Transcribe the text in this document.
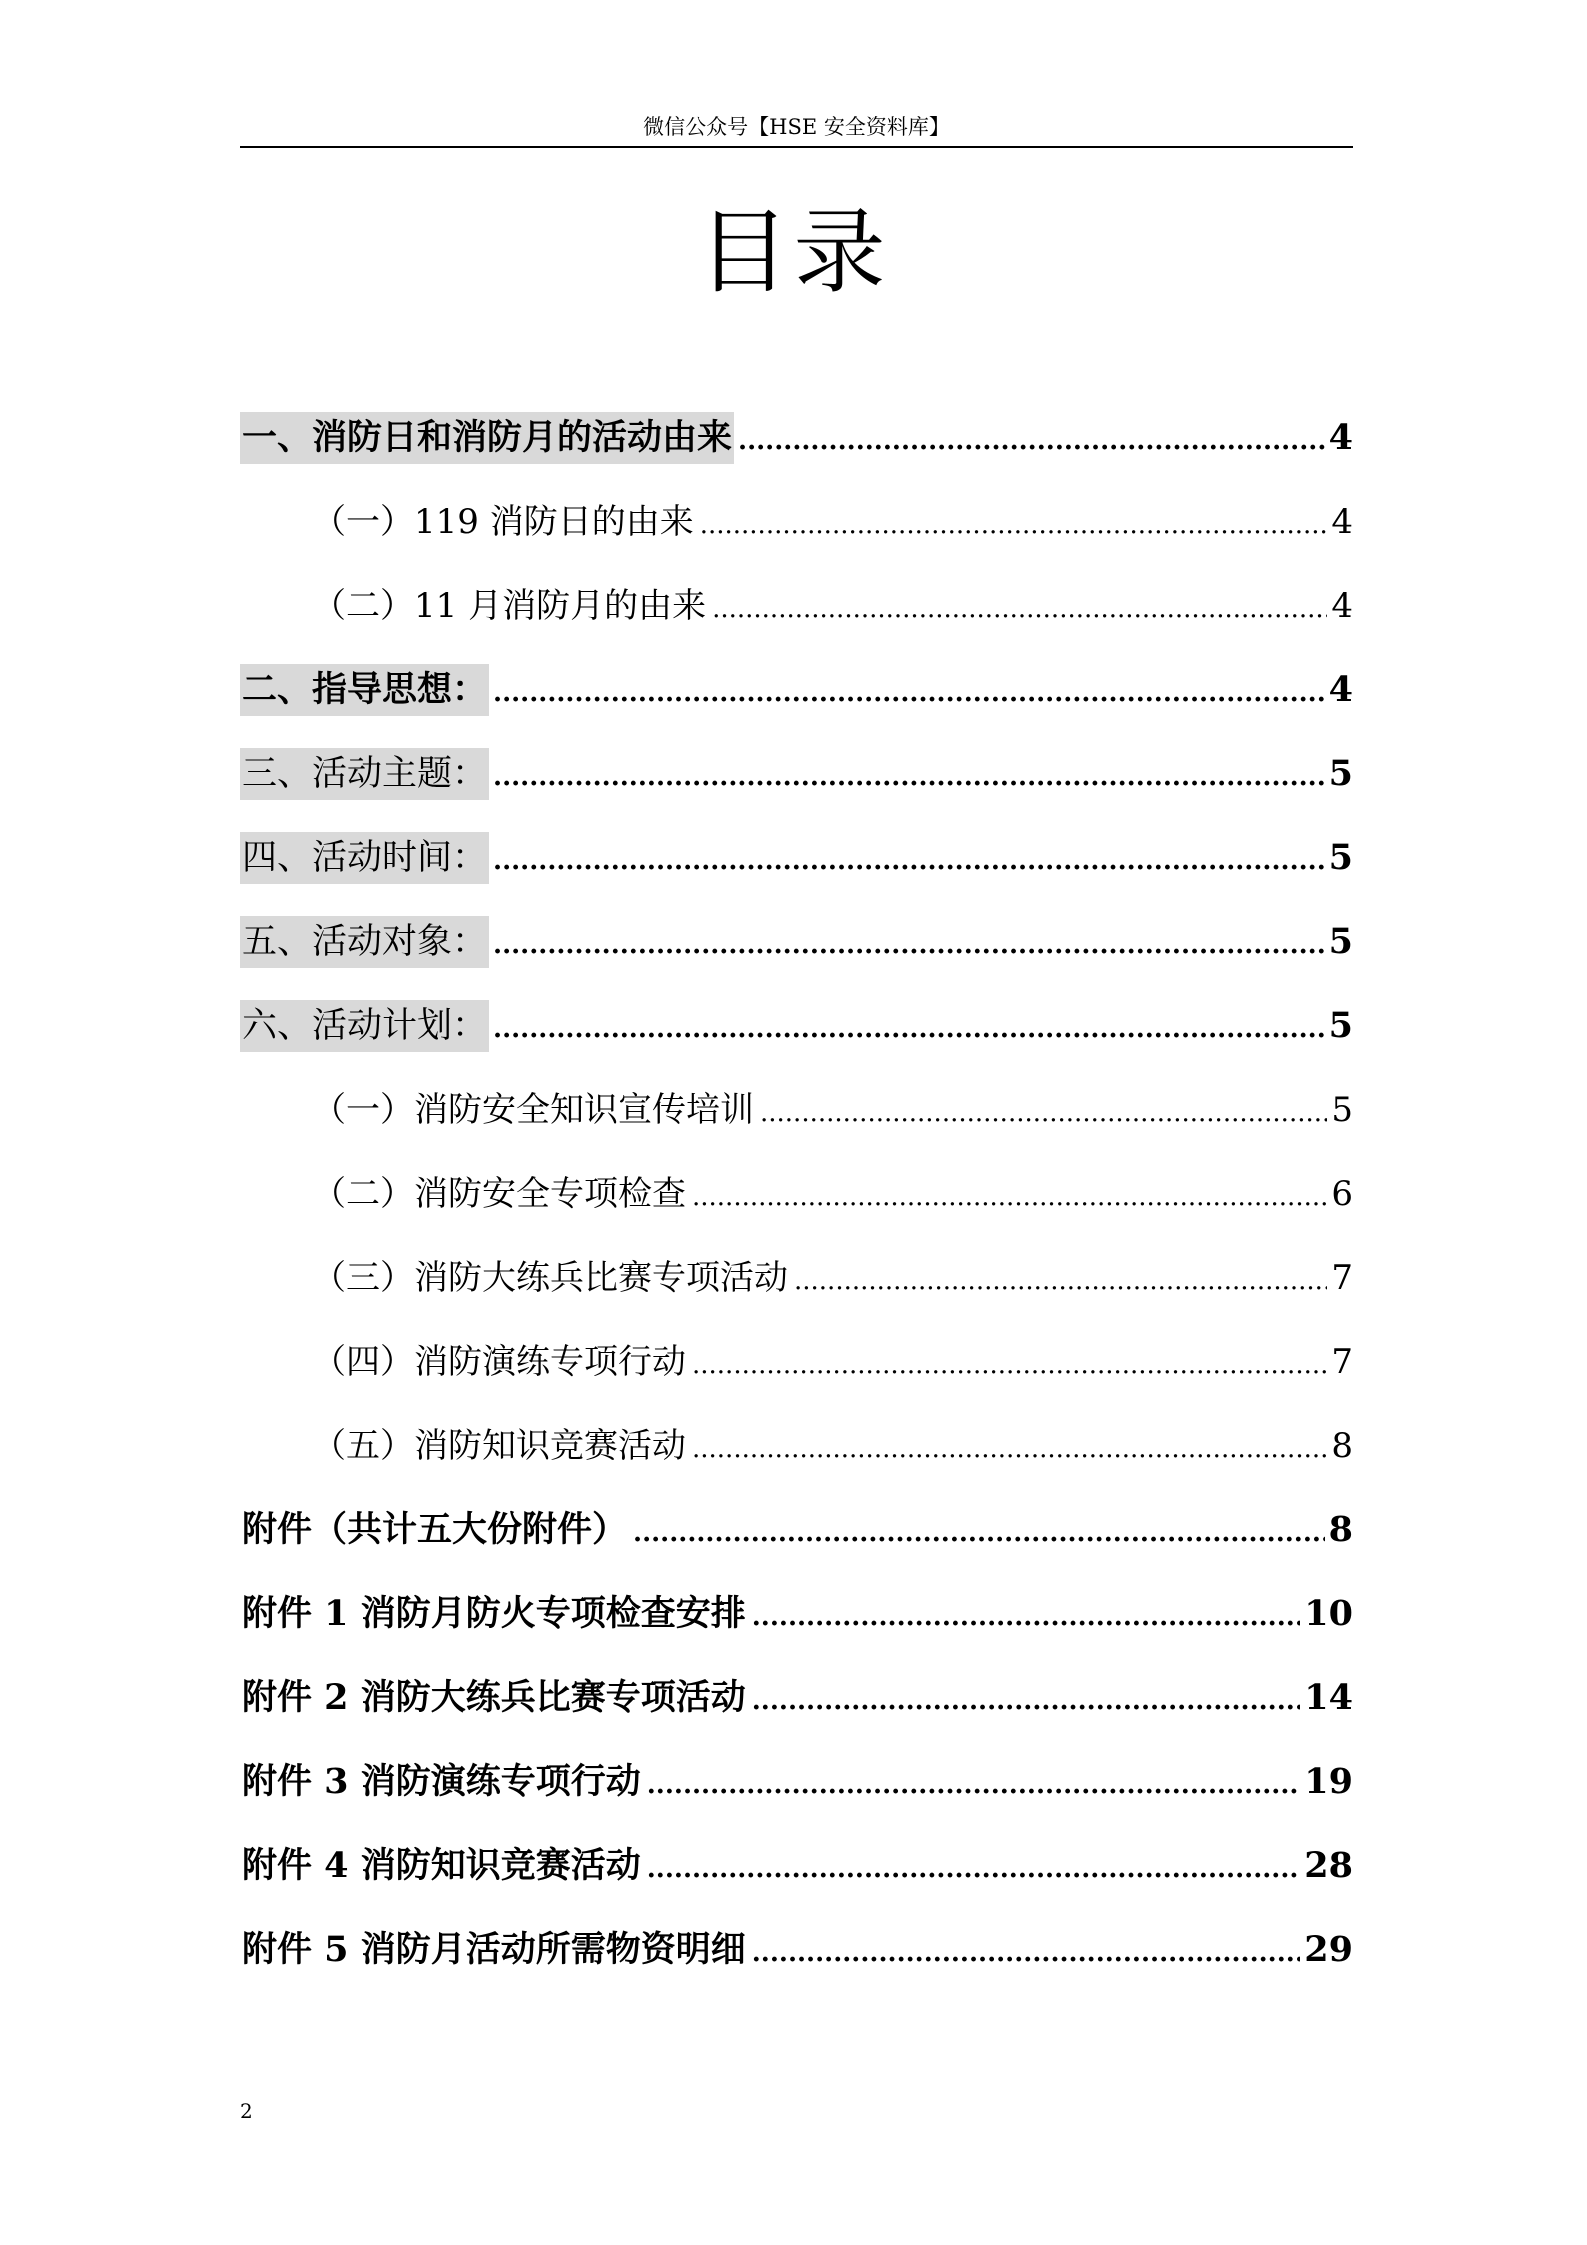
微信公众号【HSE 安全资料库】
目录
一、消防日和消防月的活动由来 .....	4
（一）119 消防日的由来 .....	4
（二）11 月消防月的由来 .....	4
二、指导思想： .....	4
三、活动主题： .....	5
四、活动时间： .....	5
五、活动对象： .....	5
六、活动计划： .....	5
（一）消防安全知识宣传培训 .....	5
（二）消防安全专项检查 .....	6
（三）消防大练兵比赛专项活动 .....	7
（四）消防演练专项行动 .....	7
（五）消防知识竞赛活动 .....	8
附件（共计五大份附件） .....	8
附件 1 消防月防火专项检查安排 .....	10
附件 2 消防大练兵比赛专项活动 .....	14
附件 3 消防演练专项行动 .....	19
附件 4 消防知识竞赛活动 .....	28
附件 5 消防月活动所需物资明细 .....	29
2
